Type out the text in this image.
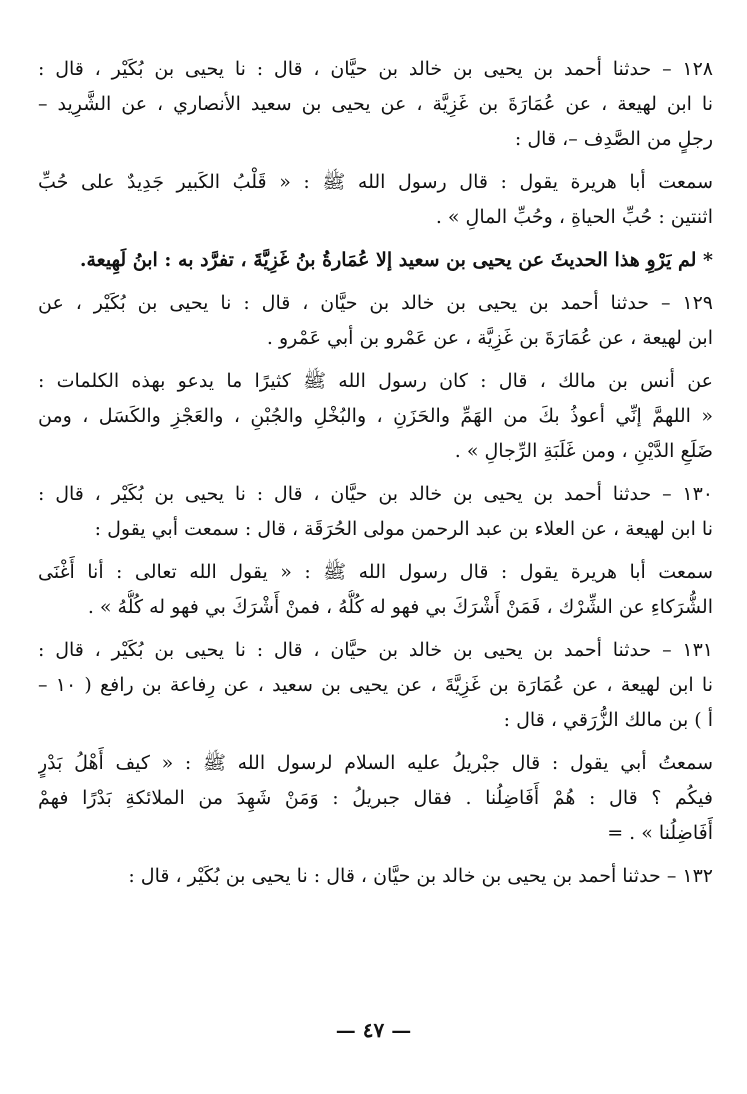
١٢٨ – حدثنا أحمد بن يحيى بن خالد بن حيَّان ، قال : نا يحيى بن بُكَيْر ، قال :
نا ابن لهيعة ، عن عُمَارَةَ بن غَزِيَّة ، عن يحيى بن سعيد الأنصاري ، عن الشَّرِيد –
رجلٍ من الصَّدِف –، قال :
سمعت أبا هريرة يقول : قال رسول الله ﷺ : « قَلْبُ الكَبير جَدِيدٌ على حُبِّ
اثنتين : حُبِّ الحياةِ ، وحُبِّ المالِ » .
* لم يَرْوِ هذا الحديثَ عن يحيى بن سعيد إلا عُمَارةُ بنُ غَزِيَّةَ ، تفرَّد به : ابنُ لَهِيعة.
١٢٩ – حدثنا أحمد بن يحيى بن خالد بن حيَّان ، قال : نا يحيى بن بُكَيْر ، عن
ابن لهيعة ، عن عُمَارَةَ بن غَزِيَّة ، عن عَمْرو بن أبي عَمْرو .
عن أنس بن مالك ، قال : كان رسول الله ﷺ كثيرًا ما يدعو بهذه الكلمات :
« اللهمَّ إنِّي أعوذُ بكَ من الهَمِّ والحَزَنِ ، والبُخْلِ والجُبْنِ ، والعَجْزِ والكَسَل ، ومن
ضَلَعِ الدَّيْنِ ، ومن غَلَبَةِ الرِّجالِ » .
١٣٠ – حدثنا أحمد بن يحيى بن خالد بن حيَّان ، قال : نا يحيى بن بُكَيْر ، قال :
نا ابن لهيعة ، عن العلاء بن عبد الرحمن مولى الحُرَقَة ، قال : سمعت أبي يقول :
سمعت أبا هريرة يقول : قال رسول الله ﷺ : « يقول الله تعالى : أنا أَغْنَى
الشُّرَكاءِ عن الشِّرْك ، فَمَنْ أَشْرَكَ بي فهو له كُلُّهُ ، فمنْ أَشْرَكَ بي فهو له كُلُّهُ » .
١٣١ – حدثنا أحمد بن يحيى بن خالد بن حيَّان ، قال : نا يحيى بن بُكَيْر ، قال :
نا ابن لهيعة ، عن عُمَارَة بن غَزِيَّةَ ، عن يحيى بن سعيد ، عن رِفاعة بن رافع ( ١٠ –
أ ) بن مالك الزُّرَقي ، قال :
سمعتُ أبي يقول : قال جبْريلُ عليه السلام لرسول الله ﷺ : « كيف أَهْلُ بَدْرٍ
فيكُم ؟ قال : هُمْ أَفَاضِلُنا . فقال جبريلُ : وَمَنْ شَهِدَ من الملائكةِ بَدْرًا فهمْ
أَفَاضِلُنا » . =
١٣٢ – حدثنا أحمد بن يحيى بن خالد بن حيَّان ، قال : نا يحيى بن بُكَيْر ، قال :
— ٤٧ —
